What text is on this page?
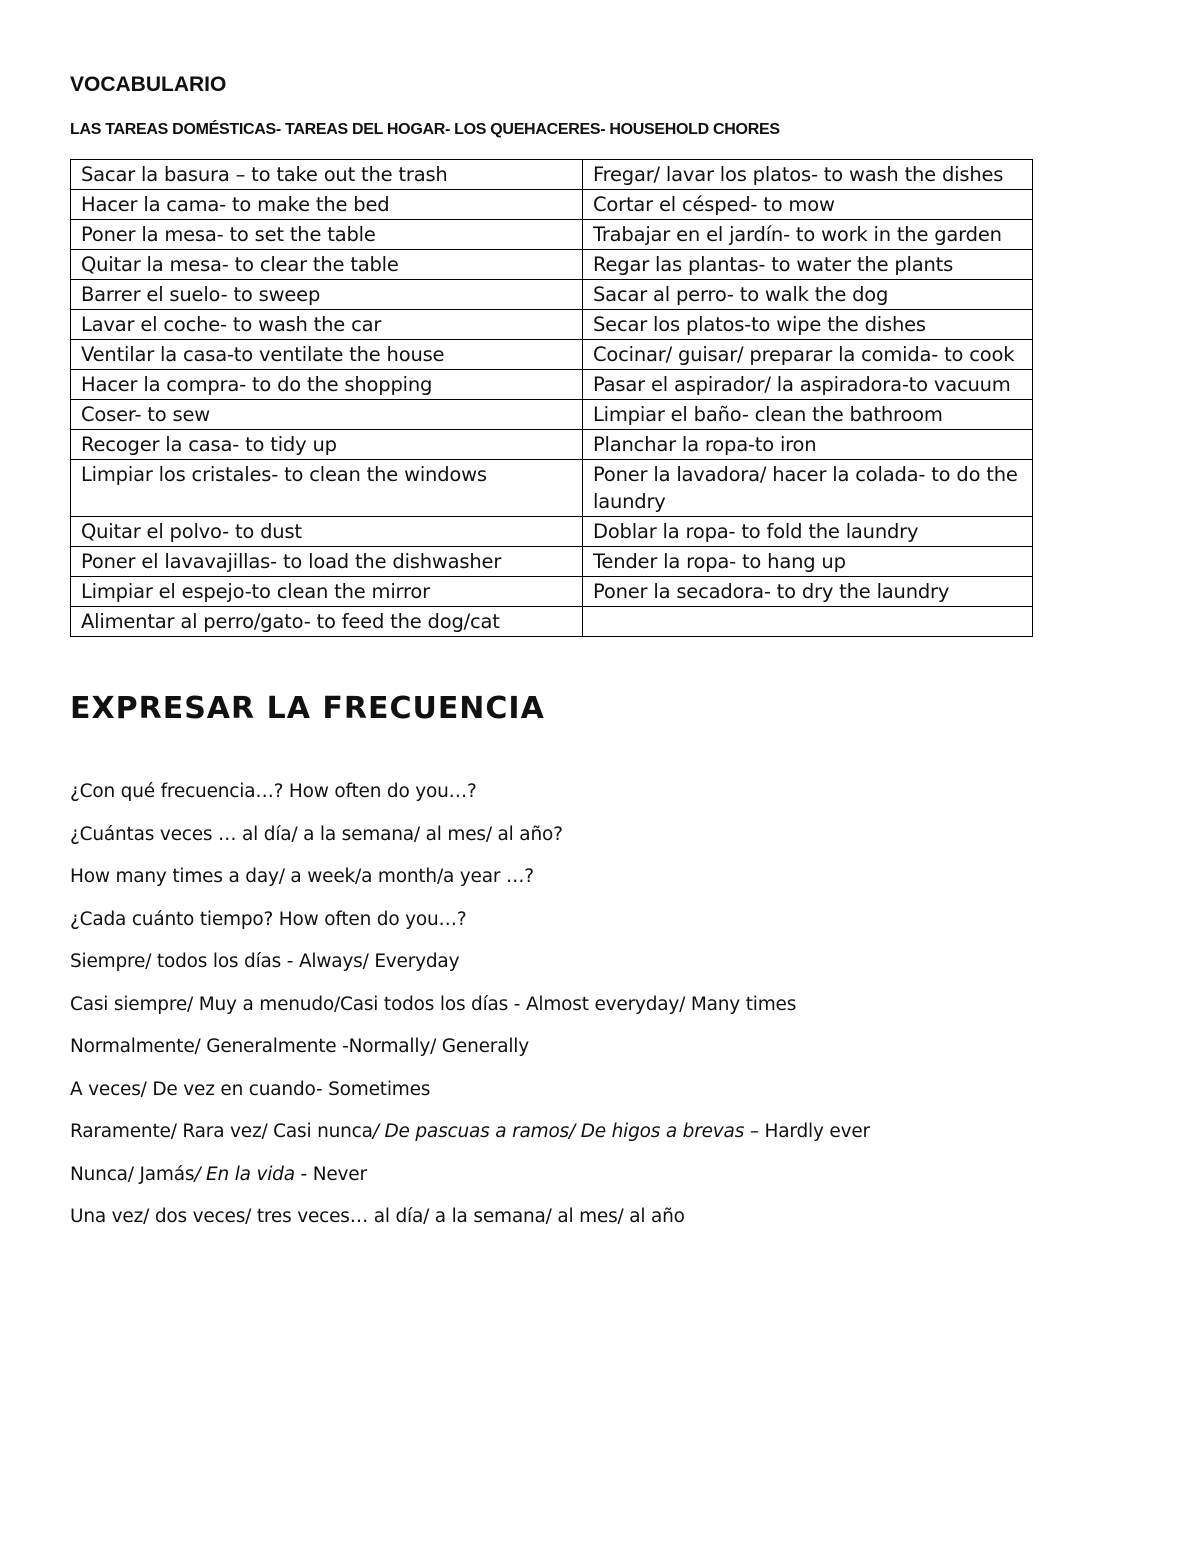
VOCABULARIO
LAS TAREAS DOMÉSTICAS- TAREAS DEL HOGAR- LOS QUEHACERES- HOUSEHOLD CHORES
Sacar la basura – to take out the trash	Fregar/ lavar los platos- to wash the dishes
Hacer la cama- to make the bed	Cortar el césped- to mow
Poner la mesa- to set the table	Trabajar en el jardín- to work in the garden
Quitar la mesa- to clear the table	Regar las plantas- to water the plants
Barrer el suelo- to sweep	Sacar al perro- to walk the dog
Lavar el coche- to wash the car	Secar los platos-to wipe the dishes
Ventilar la casa-to ventilate the house	Cocinar/ guisar/ preparar la comida- to cook
Hacer la compra- to do the shopping	Pasar el aspirador/ la aspiradora-to vacuum
Coser- to sew	Limpiar el baño- clean the bathroom
Recoger la casa- to tidy up	Planchar la ropa-to iron
Limpiar los cristales- to clean the windows	Poner la lavadora/ hacer la colada- to do the laundry
Quitar el polvo- to dust	Doblar la ropa- to fold the laundry
Poner el lavavajillas- to load the dishwasher	Tender la ropa- to hang up
Limpiar el espejo-to clean the mirror	Poner la secadora- to dry the laundry
Alimentar al perro/gato- to feed the dog/cat	
EXPRESAR LA FRECUENCIA

¿Con qué frecuencia…? How often do you…?

¿Cuántas veces … al día/ a la semana/ al mes/ al año?

How many times a day/ a week/a month/a year …?

¿Cada cuánto tiempo? How often do you…?

Siempre/ todos los días - Always/ Everyday

Casi siempre/ Muy a menudo/Casi todos los días - Almost everyday/ Many times

Normalmente/ Generalmente -Normally/ Generally

A veces/ De vez en cuando- Sometimes

Raramente/ Rara vez/ Casi nunca/ De pascuas a ramos/ De higos a brevas – Hardly ever

Nunca/ Jamás/ En la vida - Never

Una vez/ dos veces/ tres veces… al día/ a la semana/ al mes/ al año
